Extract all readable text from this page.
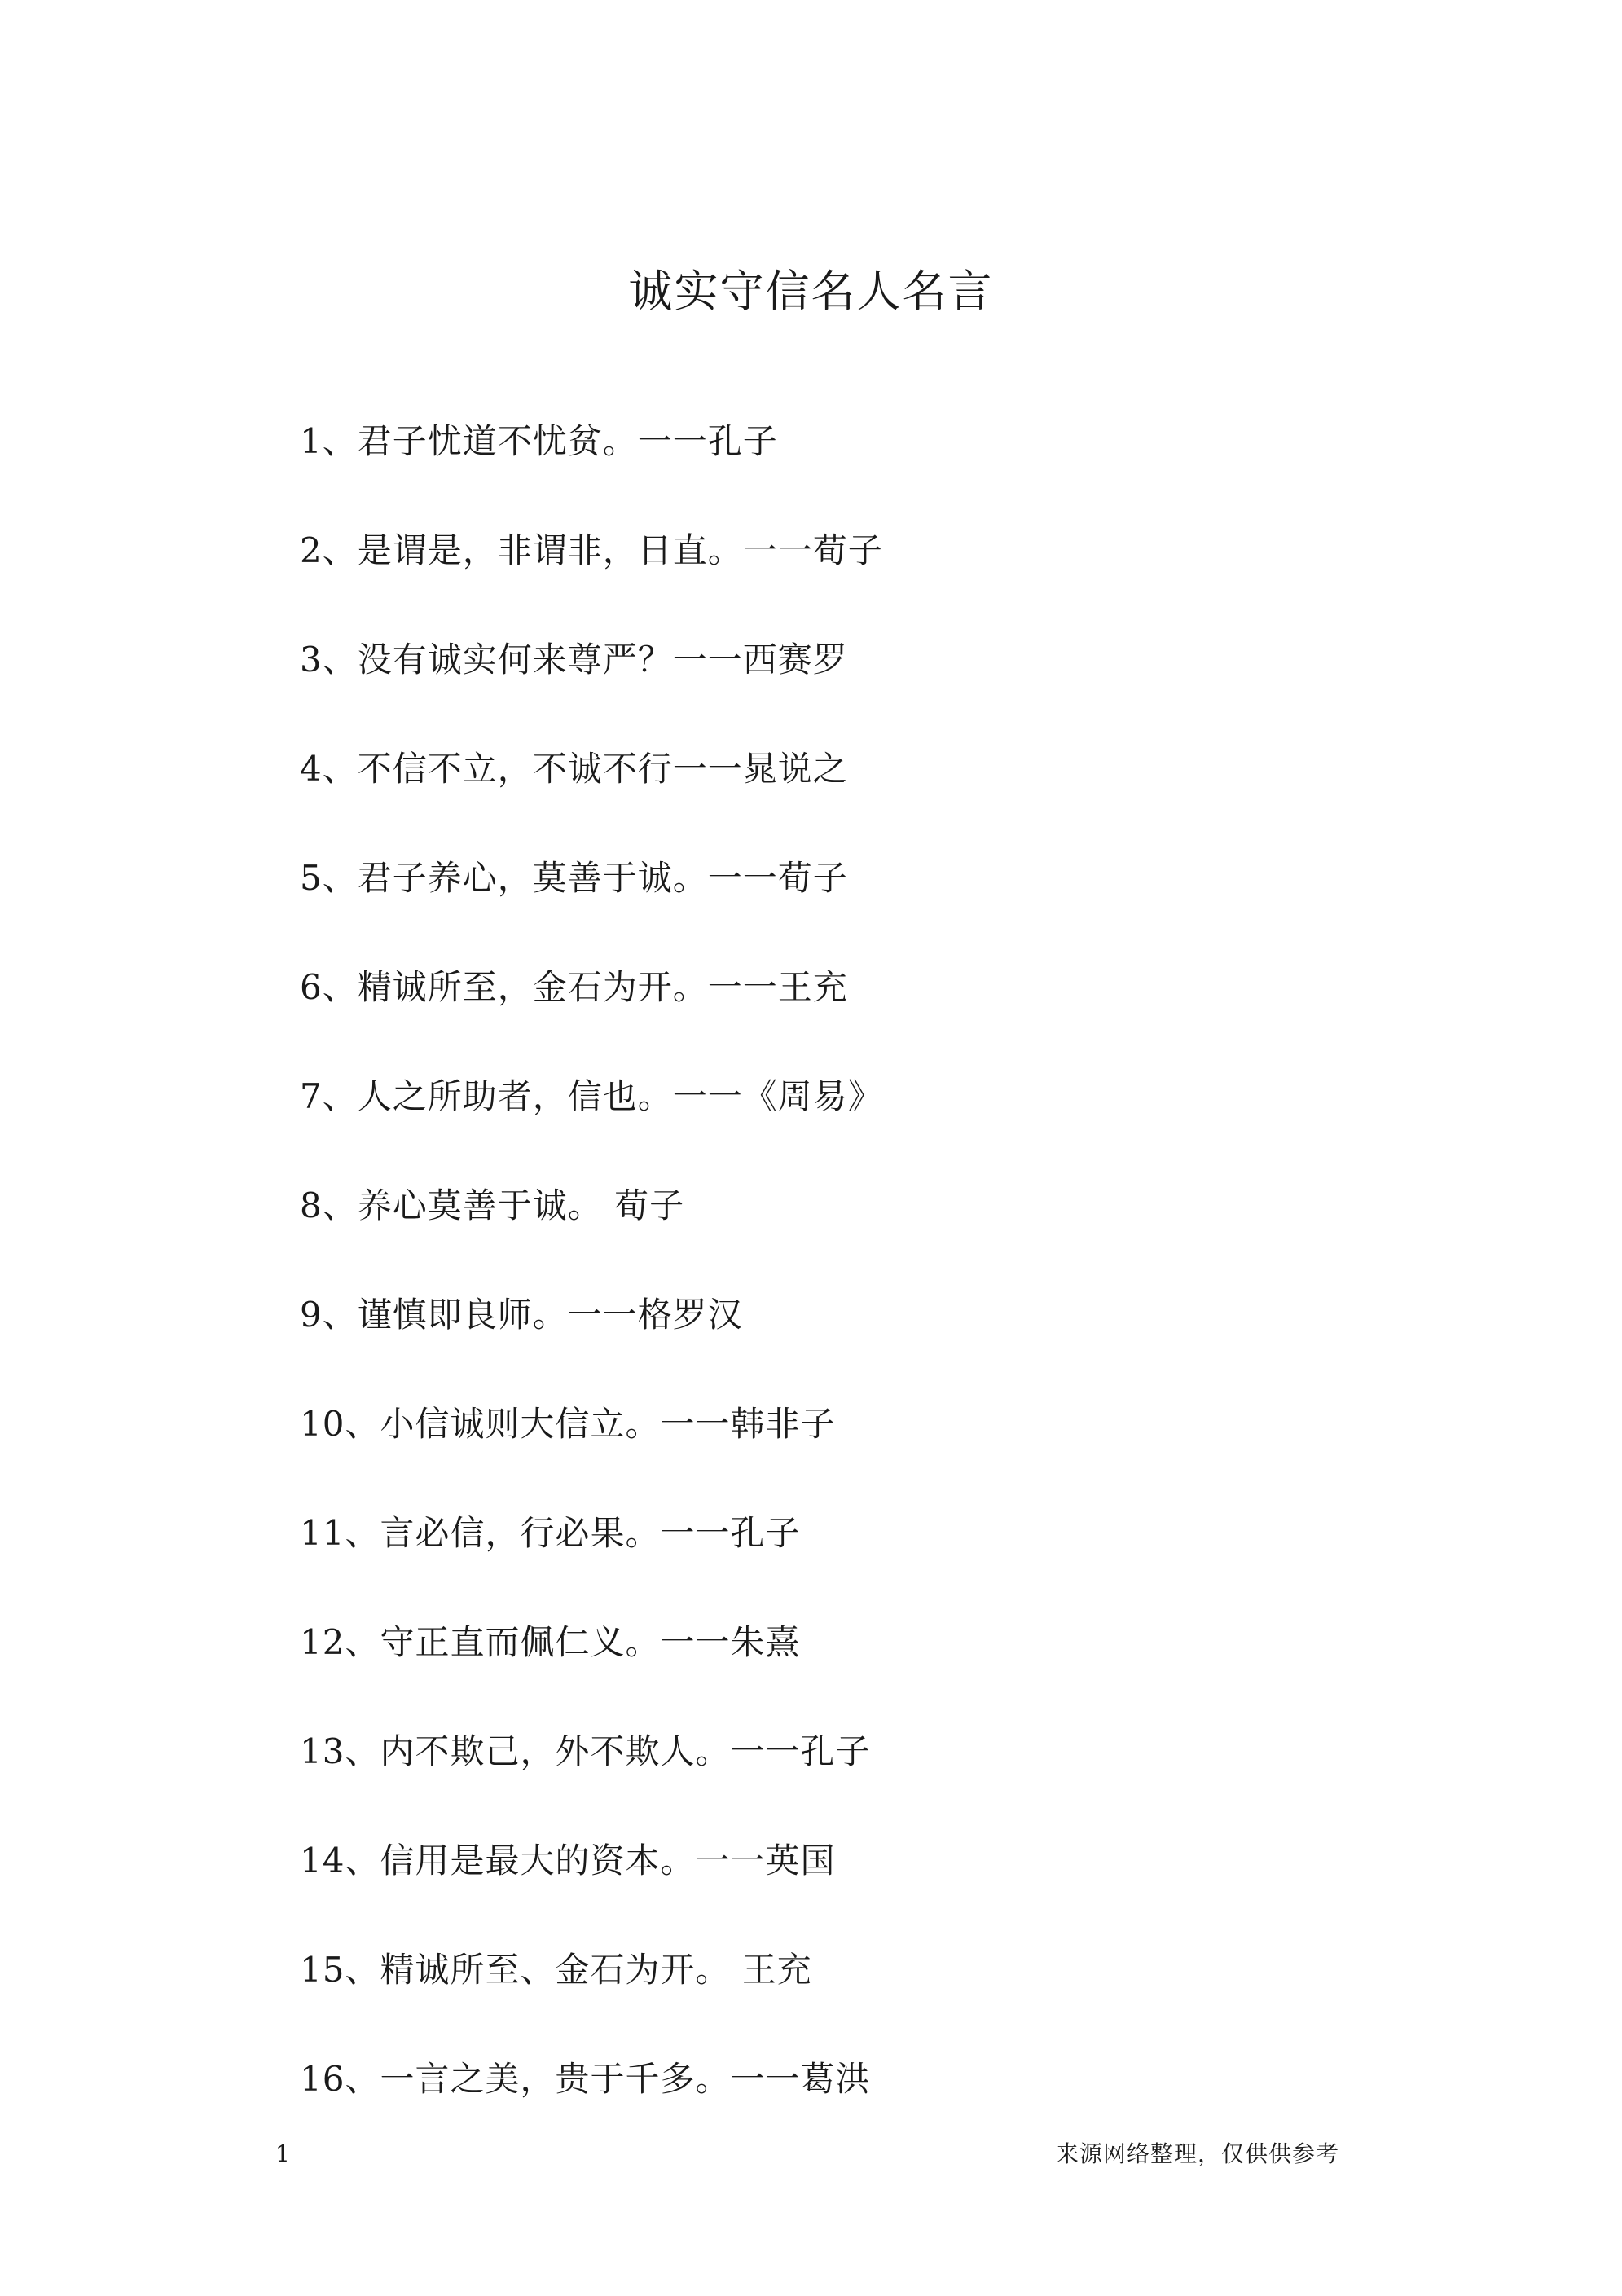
诚实守信名人名言
1、君子忧道不忧贫。一一孔子
2、是谓是，非谓非，日直。一一荀子
3、没有诚实何来尊严？一一西赛罗
4、不信不立，不诚不行一一晁说之
5、君子养心，莫善于诚。一一荀子
6、精诚所至，金石为开。一一王充
7、人之所助者，信也。一一《周易》
8、养心莫善于诚。 荀子
9、谨慎即良师。一一格罗汉
10、小信诚则大信立。一一韩非子
11、言必信，行必果。一一孔子
12、守正直而佩仁义。一一朱熹
13、内不欺己，外不欺人。一一孔子
14、信用是最大的资本。一一英国
15、精诚所至、金石为开。 王充
16、一言之美，贵于千多。一一葛洪
1	来源网络整理，仅供供参考
